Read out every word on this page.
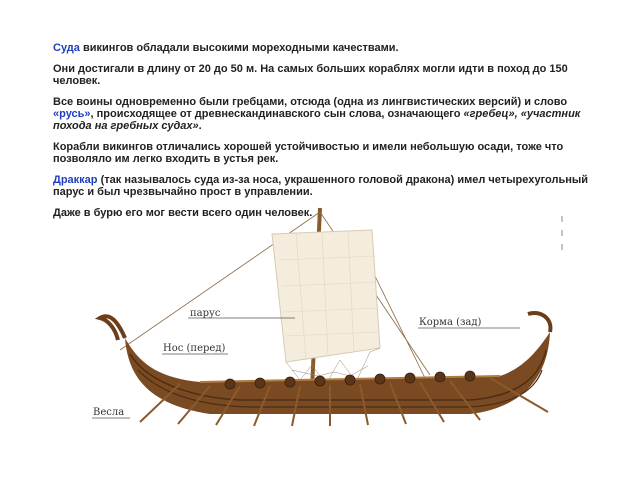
Суда викингов обладали высокими мореходными качествами.

Они достигали в длину от 20 до 50 м. На самых больших кораблях могли идти в поход до 150 человек.

Все воины одновременно были гребцами, отсюда (одна из лингвистических версий) и слово «русь», происходящее от древнескандинавского сын слова, означающего «гребец», «участник похода на гребных судах».

Корабли викингов отличались хорошей устойчивостью и имели небольшую осади, тоже что позволяло им легко входить в устья рек.

Драккар (так называлось суда из-за носа, украшенного головой дракона) имел четырехугольный парус и был чрезвычайно прост в управлении.

Даже в бурю его мог вести всего один человек.

парус
Нос (перед)
Корма (зад)
Весла
